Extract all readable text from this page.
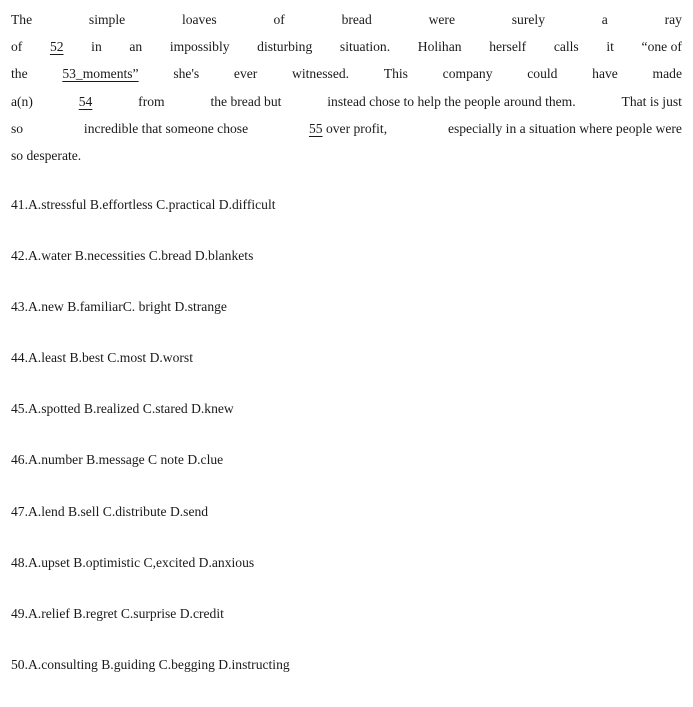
The	simple	loaves	of	bread	were	surely	a	ray
of 52 in an impossibly disturbing situation. Holihan herself calls it “one of
the	53_moments”	she's	ever	witnessed.	This	company	could	have	made
a(n)	54	from	the bread but	instead chose to help the people around them.	That is just
so	incredible that someone chose	55 over profit,	especially in a situation where people were
so desperate.
41.A.stressful B.effortless C.practical D.difficult
42.A.water B.necessities C.bread D.blankets
43.A.new B.familiarC. bright D.strange
44.A.least B.best C.most D.worst
45.A.spotted B.realized C.stared D.knew
46.A.number B.message C note D.clue
47.A.lend B.sell C.distribute D.send
48.A.upset B.optimistic C,excited D.anxious
49.A.relief B.regret C.surprise D.credit
50.A.consulting B.guiding C.begging D.instructing
